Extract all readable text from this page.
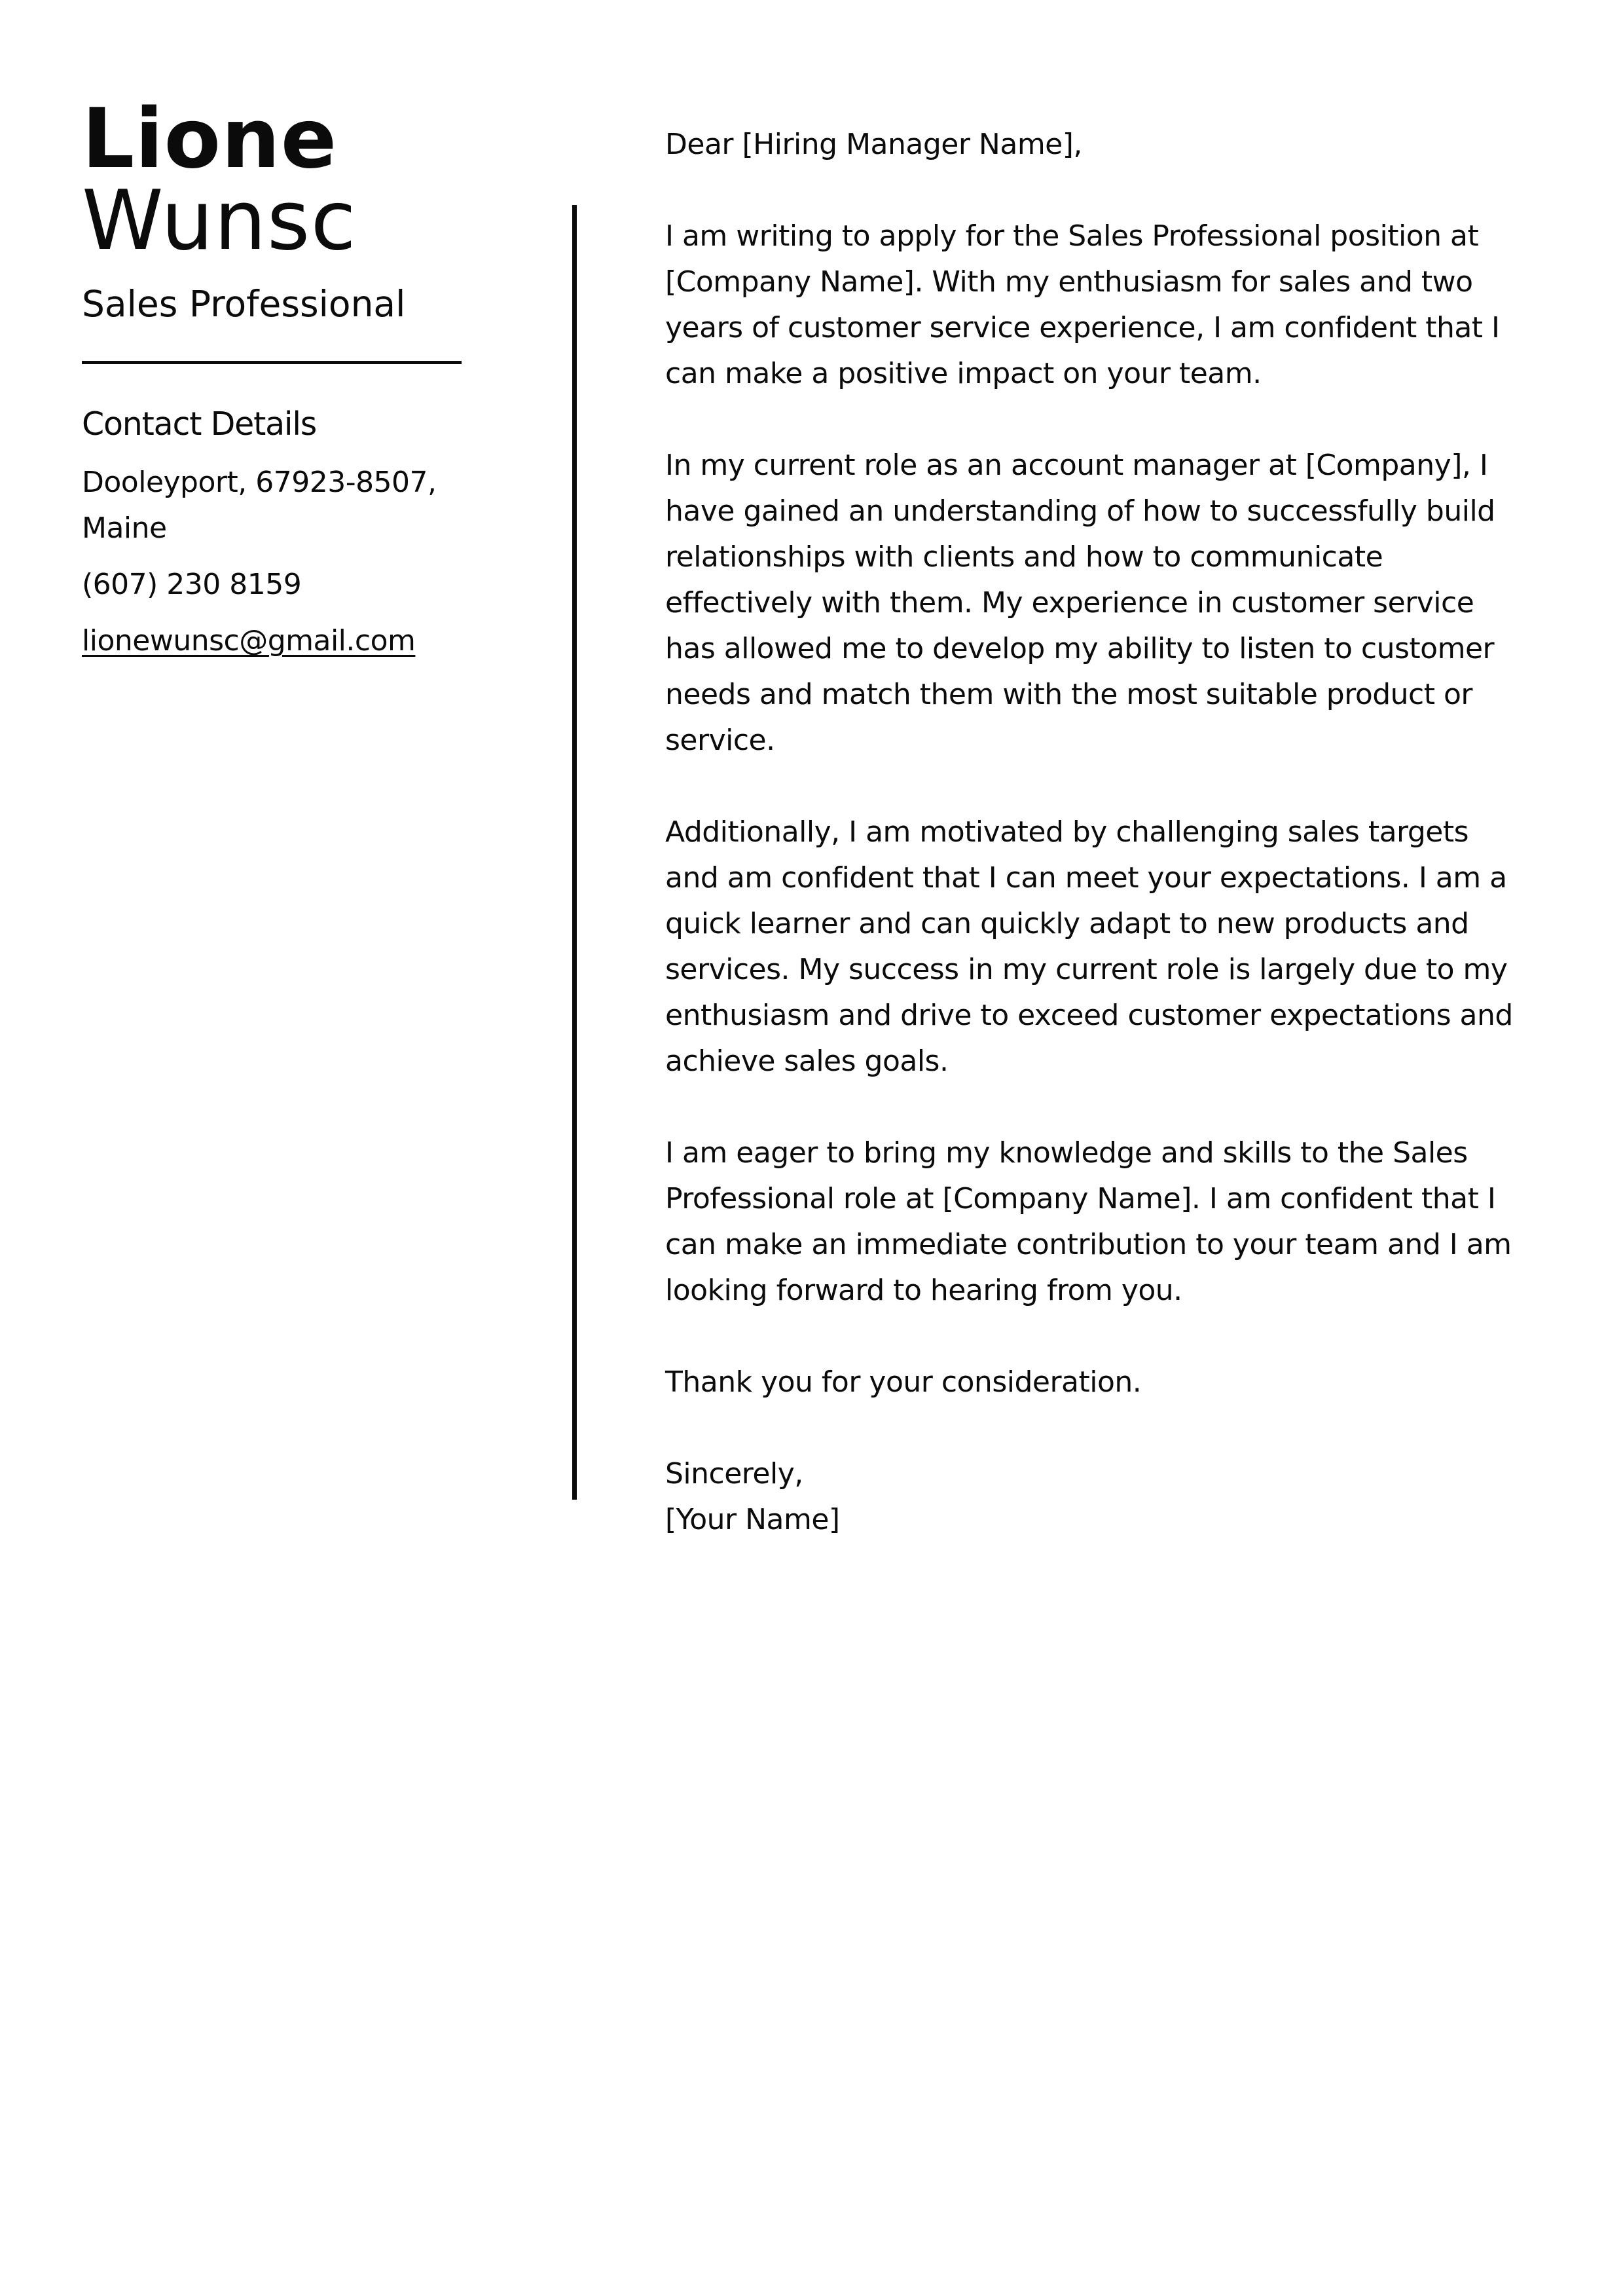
Lione
Wunsc
Sales Professional
Contact Details
Dooleyport, 67923-8507, Maine
(607) 230 8159
lionewunsc@gmail.com

Dear [Hiring Manager Name],

I am writing to apply for the Sales Professional position at [Company Name]. With my enthusiasm for sales and two years of customer service experience, I am confident that I can make a positive impact on your team.

In my current role as an account manager at [Company], I have gained an understanding of how to successfully build relationships with clients and how to communicate effectively with them. My experience in customer service has allowed me to develop my ability to listen to customer needs and match them with the most suitable product or service.

Additionally, I am motivated by challenging sales targets and am confident that I can meet your expectations. I am a quick learner and can quickly adapt to new products and services. My success in my current role is largely due to my enthusiasm and drive to exceed customer expectations and achieve sales goals.

I am eager to bring my knowledge and skills to the Sales Professional role at [Company Name]. I am confident that I can make an immediate contribution to your team and I am looking forward to hearing from you.

Thank you for your consideration.

Sincerely,
[Your Name]
